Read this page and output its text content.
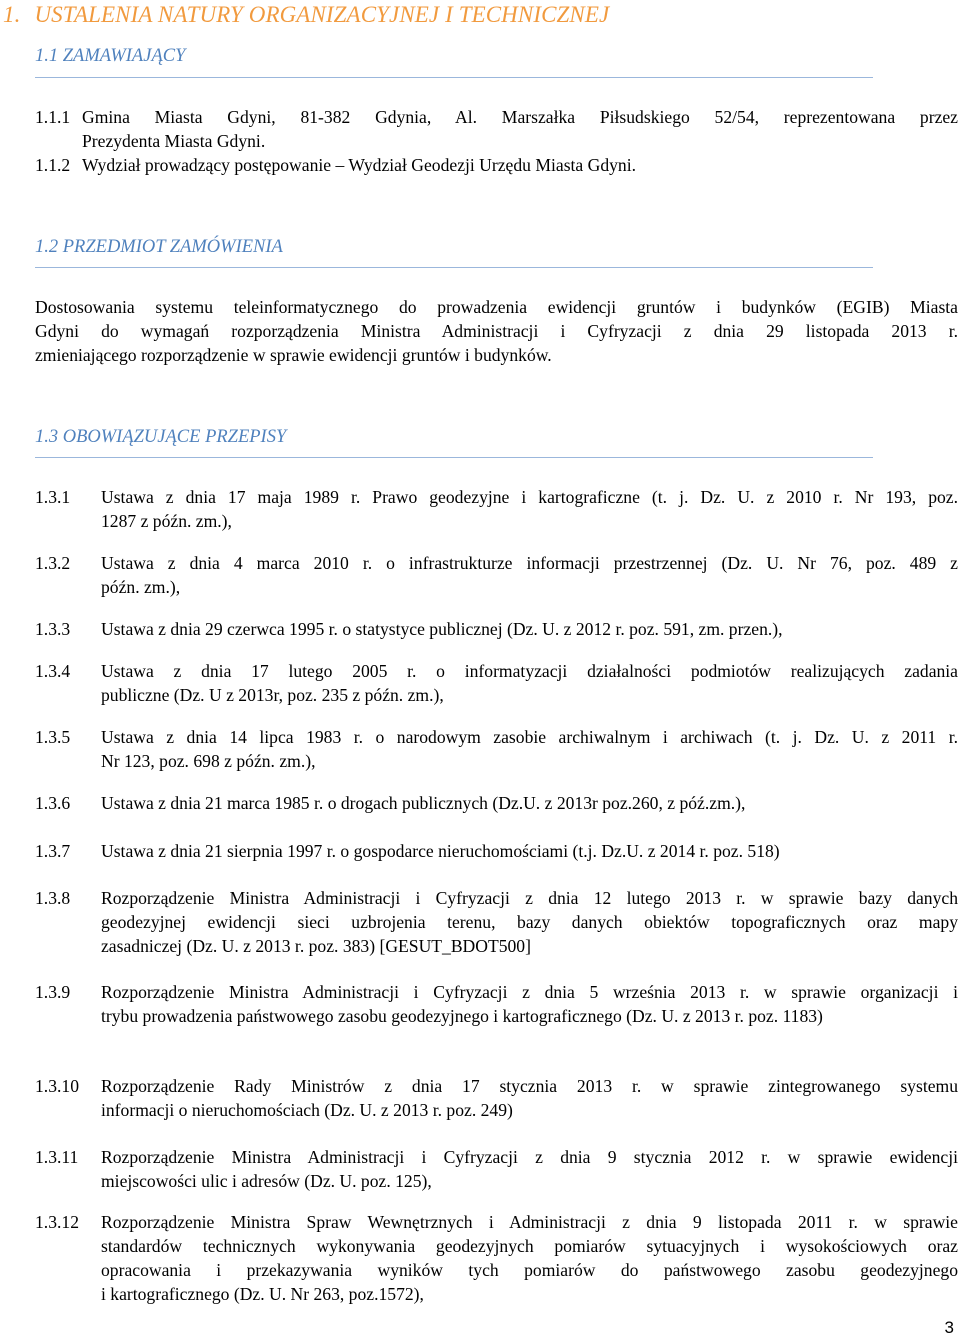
1. USTALENIA NATURY ORGANIZACYJNEJ I TECHNICZNEJ
1.1 ZAMAWIAJĄCY
1.1.1 Gmina Miasta Gdyni, 81-382 Gdynia, Al. Marszałka Piłsudskiego 52/54, reprezentowana przez
Prezydenta Miasta Gdyni.
1.1.2 Wydział prowadzący postępowanie – Wydział Geodezji Urzędu Miasta Gdyni.
1.2 PRZEDMIOT ZAMÓWIENIA
Dostosowania systemu teleinformatycznego do prowadzenia ewidencji gruntów i budynków (EGIB) Miasta
Gdyni do wymagań rozporządzenia Ministra Administracji i Cyfryzacji z dnia 29 listopada 2013 r.
zmieniającego rozporządzenie w sprawie ewidencji gruntów i budynków.
1.3 OBOWIĄZUJĄCE PRZEPISY
1.3.1 Ustawa z dnia 17 maja 1989 r. Prawo geodezyjne i kartograficzne (t. j. Dz. U. z 2010 r. Nr 193, poz.
1287 z późn. zm.),
1.3.2 Ustawa z dnia 4 marca 2010 r. o infrastrukturze informacji przestrzennej (Dz. U. Nr 76, poz. 489 z
późn. zm.),
1.3.3 Ustawa z dnia 29 czerwca 1995 r. o statystyce publicznej (Dz. U. z 2012 r. poz. 591, zm. przen.),
1.3.4 Ustawa z dnia 17 lutego 2005 r. o informatyzacji działalności podmiotów realizujących zadania
publiczne (Dz. U z 2013r, poz. 235 z późn. zm.),
1.3.5 Ustawa z dnia 14 lipca 1983 r. o narodowym zasobie archiwalnym i archiwach (t. j. Dz. U. z 2011 r.
Nr 123, poz. 698 z późn. zm.),
1.3.6 Ustawa z dnia 21 marca 1985 r. o drogach publicznych (Dz.U. z 2013r poz.260, z póź.zm.),
1.3.7 Ustawa z dnia 21 sierpnia 1997 r. o gospodarce nieruchomościami (t.j. Dz.U. z 2014 r. poz. 518)
1.3.8 Rozporządzenie Ministra Administracji i Cyfryzacji z dnia 12 lutego 2013 r. w sprawie bazy danych
geodezyjnej ewidencji sieci uzbrojenia terenu, bazy danych obiektów topograficznych oraz mapy
zasadniczej (Dz. U. z 2013 r. poz. 383) [GESUT_BDOT500]
1.3.9 Rozporządzenie Ministra Administracji i Cyfryzacji z dnia 5 września 2013 r. w sprawie organizacji i
trybu prowadzenia państwowego zasobu geodezyjnego i kartograficznego (Dz. U. z 2013 r. poz. 1183)
1.3.10 Rozporządzenie Rady Ministrów z dnia 17 stycznia 2013 r. w sprawie zintegrowanego systemu
informacji o nieruchomościach (Dz. U. z 2013 r. poz. 249)
1.3.11 Rozporządzenie Ministra Administracji i Cyfryzacji z dnia 9 stycznia 2012 r. w sprawie ewidencji
miejscowości ulic i adresów (Dz. U. poz. 125),
1.3.12 Rozporządzenie Ministra Spraw Wewnętrznych i Administracji z dnia 9 listopada 2011 r. w sprawie
standardów technicznych wykonywania geodezyjnych pomiarów sytuacyjnych i wysokościowych oraz
opracowania i przekazywania wyników tych pomiarów do państwowego zasobu geodezyjnego
i kartograficznego (Dz. U. Nr 263, poz.1572),
3
